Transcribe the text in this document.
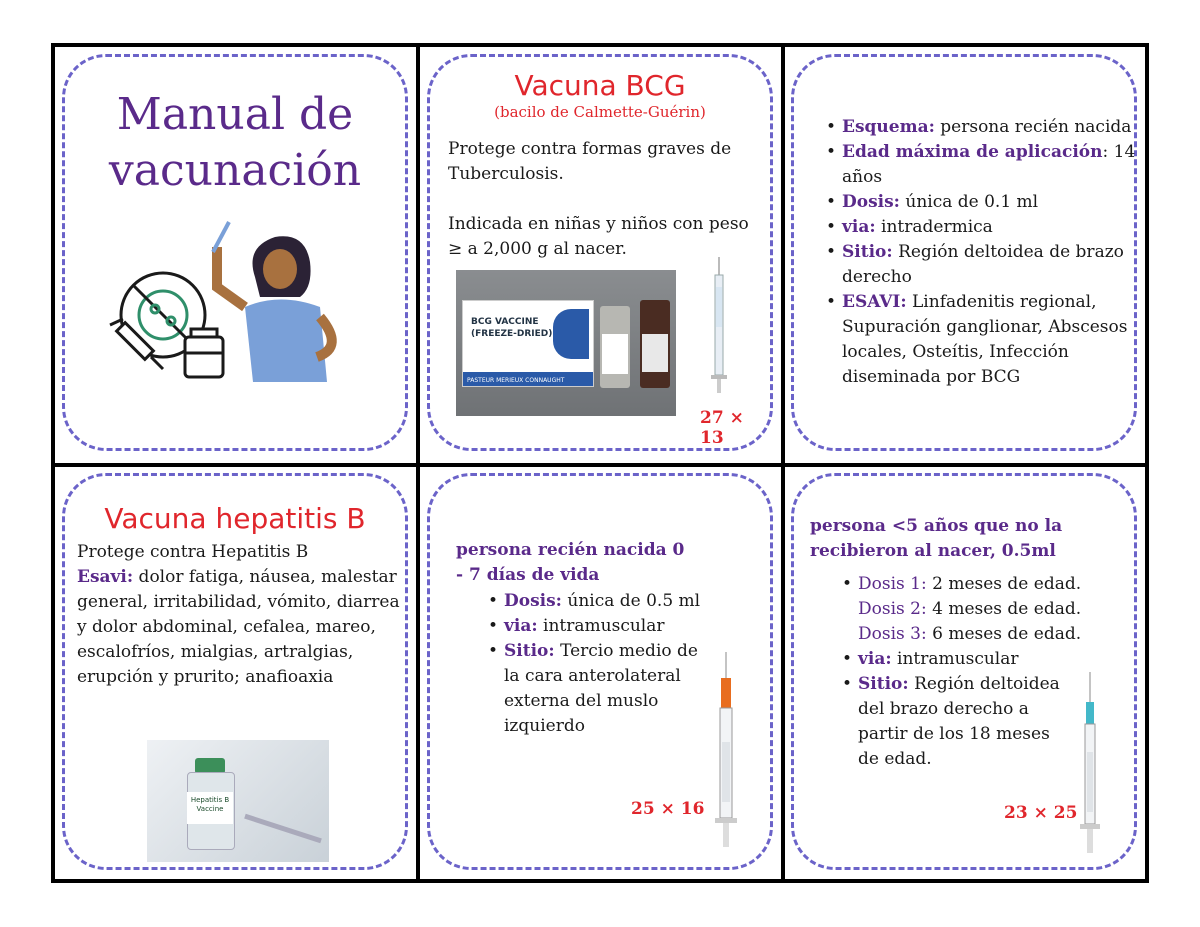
Manual de
vacunación
Vacuna BCG
(bacilo de Calmette-Guérin)
Protege contra formas graves de Tuberculosis.
Indicada en niñas y niños con peso ≥ a 2,000 g al nacer.
BCG VACCINE
(FREEZE-DRIED)
PASTEUR MERIEUX CONNAUGHT
27 × 13
• Esquema: persona recién nacida
• Edad máxima de aplicación: 14 años
• Dosis: única de 0.1 ml
• via: intradermica
• Sitio: Región deltoidea de brazo derecho
• ESAVI: Linfadenitis regional, Supuración ganglionar, Abscesos locales, Osteítis, Infección diseminada por BCG
Vacuna hepatitis B
Protege contra Hepatitis B
Esavi: dolor fatiga, náusea, malestar general, irritabilidad, vómito, diarrea y dolor abdominal, cefalea, mareo, escalofríos, mialgias, artralgias, erupción y prurito; anafioaxia
Hepatitis B Vaccine
persona recién nacida 0 - 7 días de vida
• Dosis: única de 0.5 ml
• via: intramuscular
• Sitio: Tercio medio de la cara anterolateral externa del muslo izquierdo
25 × 16
persona <5 años que no la recibieron al nacer, 0.5ml
• Dosis 1: 2 meses de edad.
Dosis 2: 4 meses de edad.
Dosis 3: 6 meses de edad.
• via: intramuscular
• Sitio: Región deltoidea del brazo derecho a partir de los 18 meses de edad.
23 × 25
